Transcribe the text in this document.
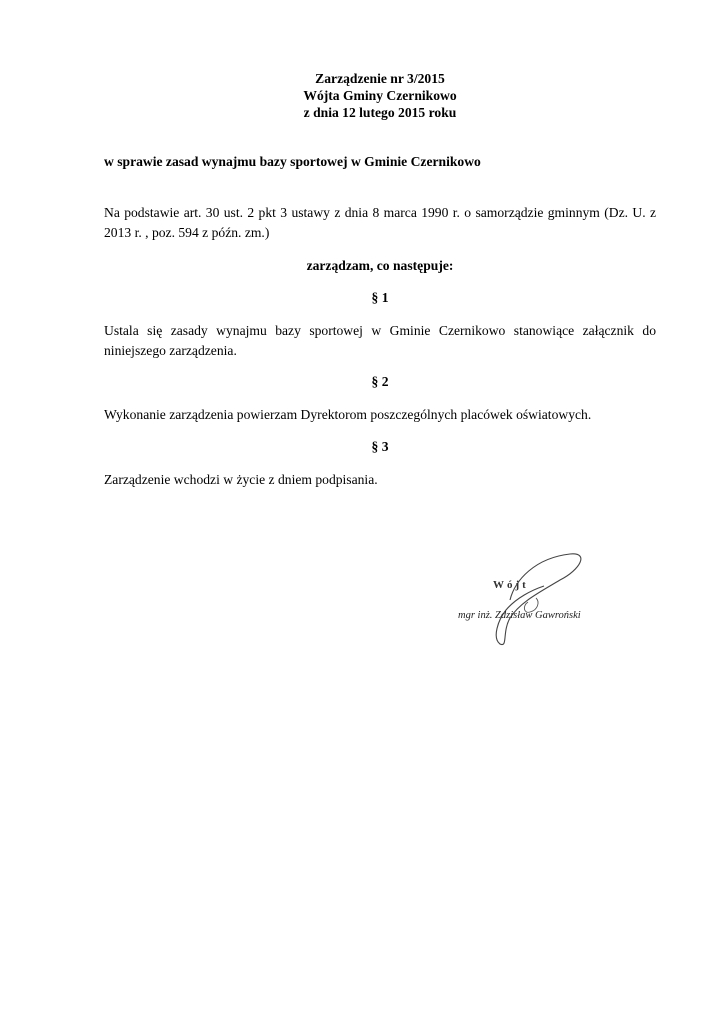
Zarządzenie nr 3/2015
Wójta Gminy Czernikowo
z dnia 12 lutego 2015 roku
w sprawie zasad wynajmu bazy sportowej w Gminie Czernikowo
Na podstawie art. 30 ust. 2 pkt 3 ustawy z dnia 8 marca 1990 r. o samorządzie gminnym (Dz. U. z 2013 r. , poz. 594 z późn. zm.)
zarządzam, co następuje:
§ 1
Ustala się zasady wynajmu bazy sportowej w Gminie Czernikowo stanowiące załącznik do niniejszego zarządzenia.
§ 2
Wykonanie zarządzenia powierzam Dyrektorom poszczególnych placówek oświatowych.
§ 3
Zarządzenie wchodzi w życie z dniem podpisania.
Wójt
mgr inż. Zdzisław Gawroński
